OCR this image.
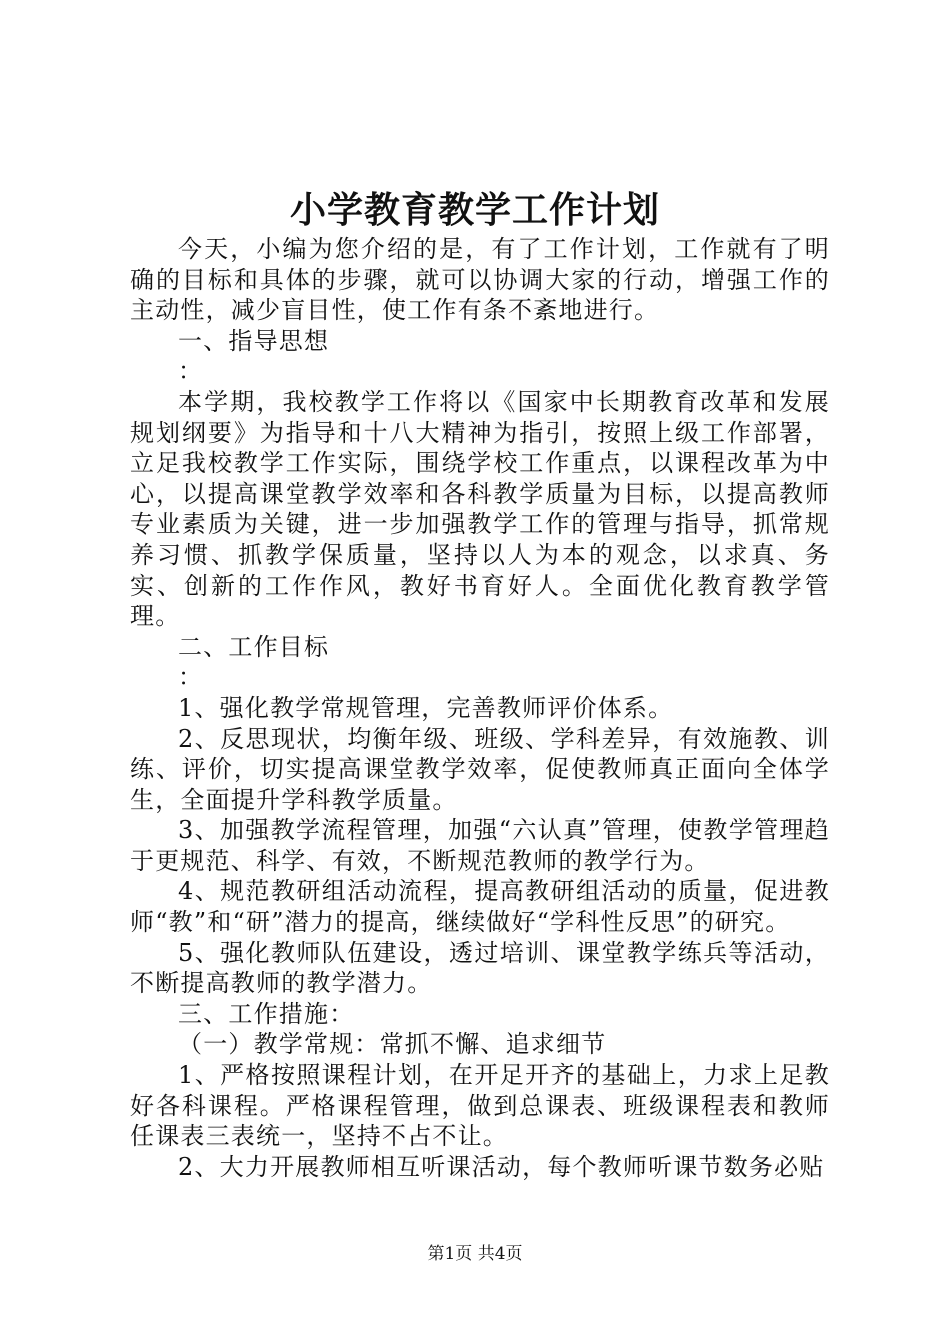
小学教育教学工作计划

今天，小编为您介绍的是，有了工作计划，工作就有了明确的目标和具体的步骤，就可以协调大家的行动，增强工作的主动性，减少盲目性，使工作有条不紊地进行。

一、指导思想

：

本学期，我校教学工作将以《国家中长期教育改革和发展规划纲要》为指导和十八大精神为指引，按照上级工作部署，立足我校教学工作实际，围绕学校工作重点，以课程改革为中心，以提高课堂教学效率和各科教学质量为目标，以提高教师专业素质为关键，进一步加强教学工作的管理与指导，抓常规养习惯、抓教学保质量，坚持以人为本的观念，以求真、务实、创新的工作作风，教好书育好人。全面优化教育教学管理。

二、工作目标

：

1、强化教学常规管理，完善教师评价体系。

2、反思现状，均衡年级、班级、学科差异，有效施教、训练、评价，切实提高课堂教学效率，促使教师真正面向全体学生，全面提升学科教学质量。

3、加强教学流程管理，加强“六认真”管理，使教学管理趋于更规范、科学、有效，不断规范教师的教学行为。

4、规范教研组活动流程，提高教研组活动的质量，促进教师“教”和“研”潜力的提高，继续做好“学科性反思”的研究。

5、强化教师队伍建设，透过培训、课堂教学练兵等活动，不断提高教师的教学潜力。

三、工作措施：

（一）教学常规：常抓不懈、追求细节

1、严格按照课程计划，在开足开齐的基础上，力求上足教好各科课程。严格课程管理，做到总课表、班级课程表和教师任课表三表统一，坚持不占不让。

2、大力开展教师相互听课活动，每个教师听课节数务必贴

第1页 共4页
